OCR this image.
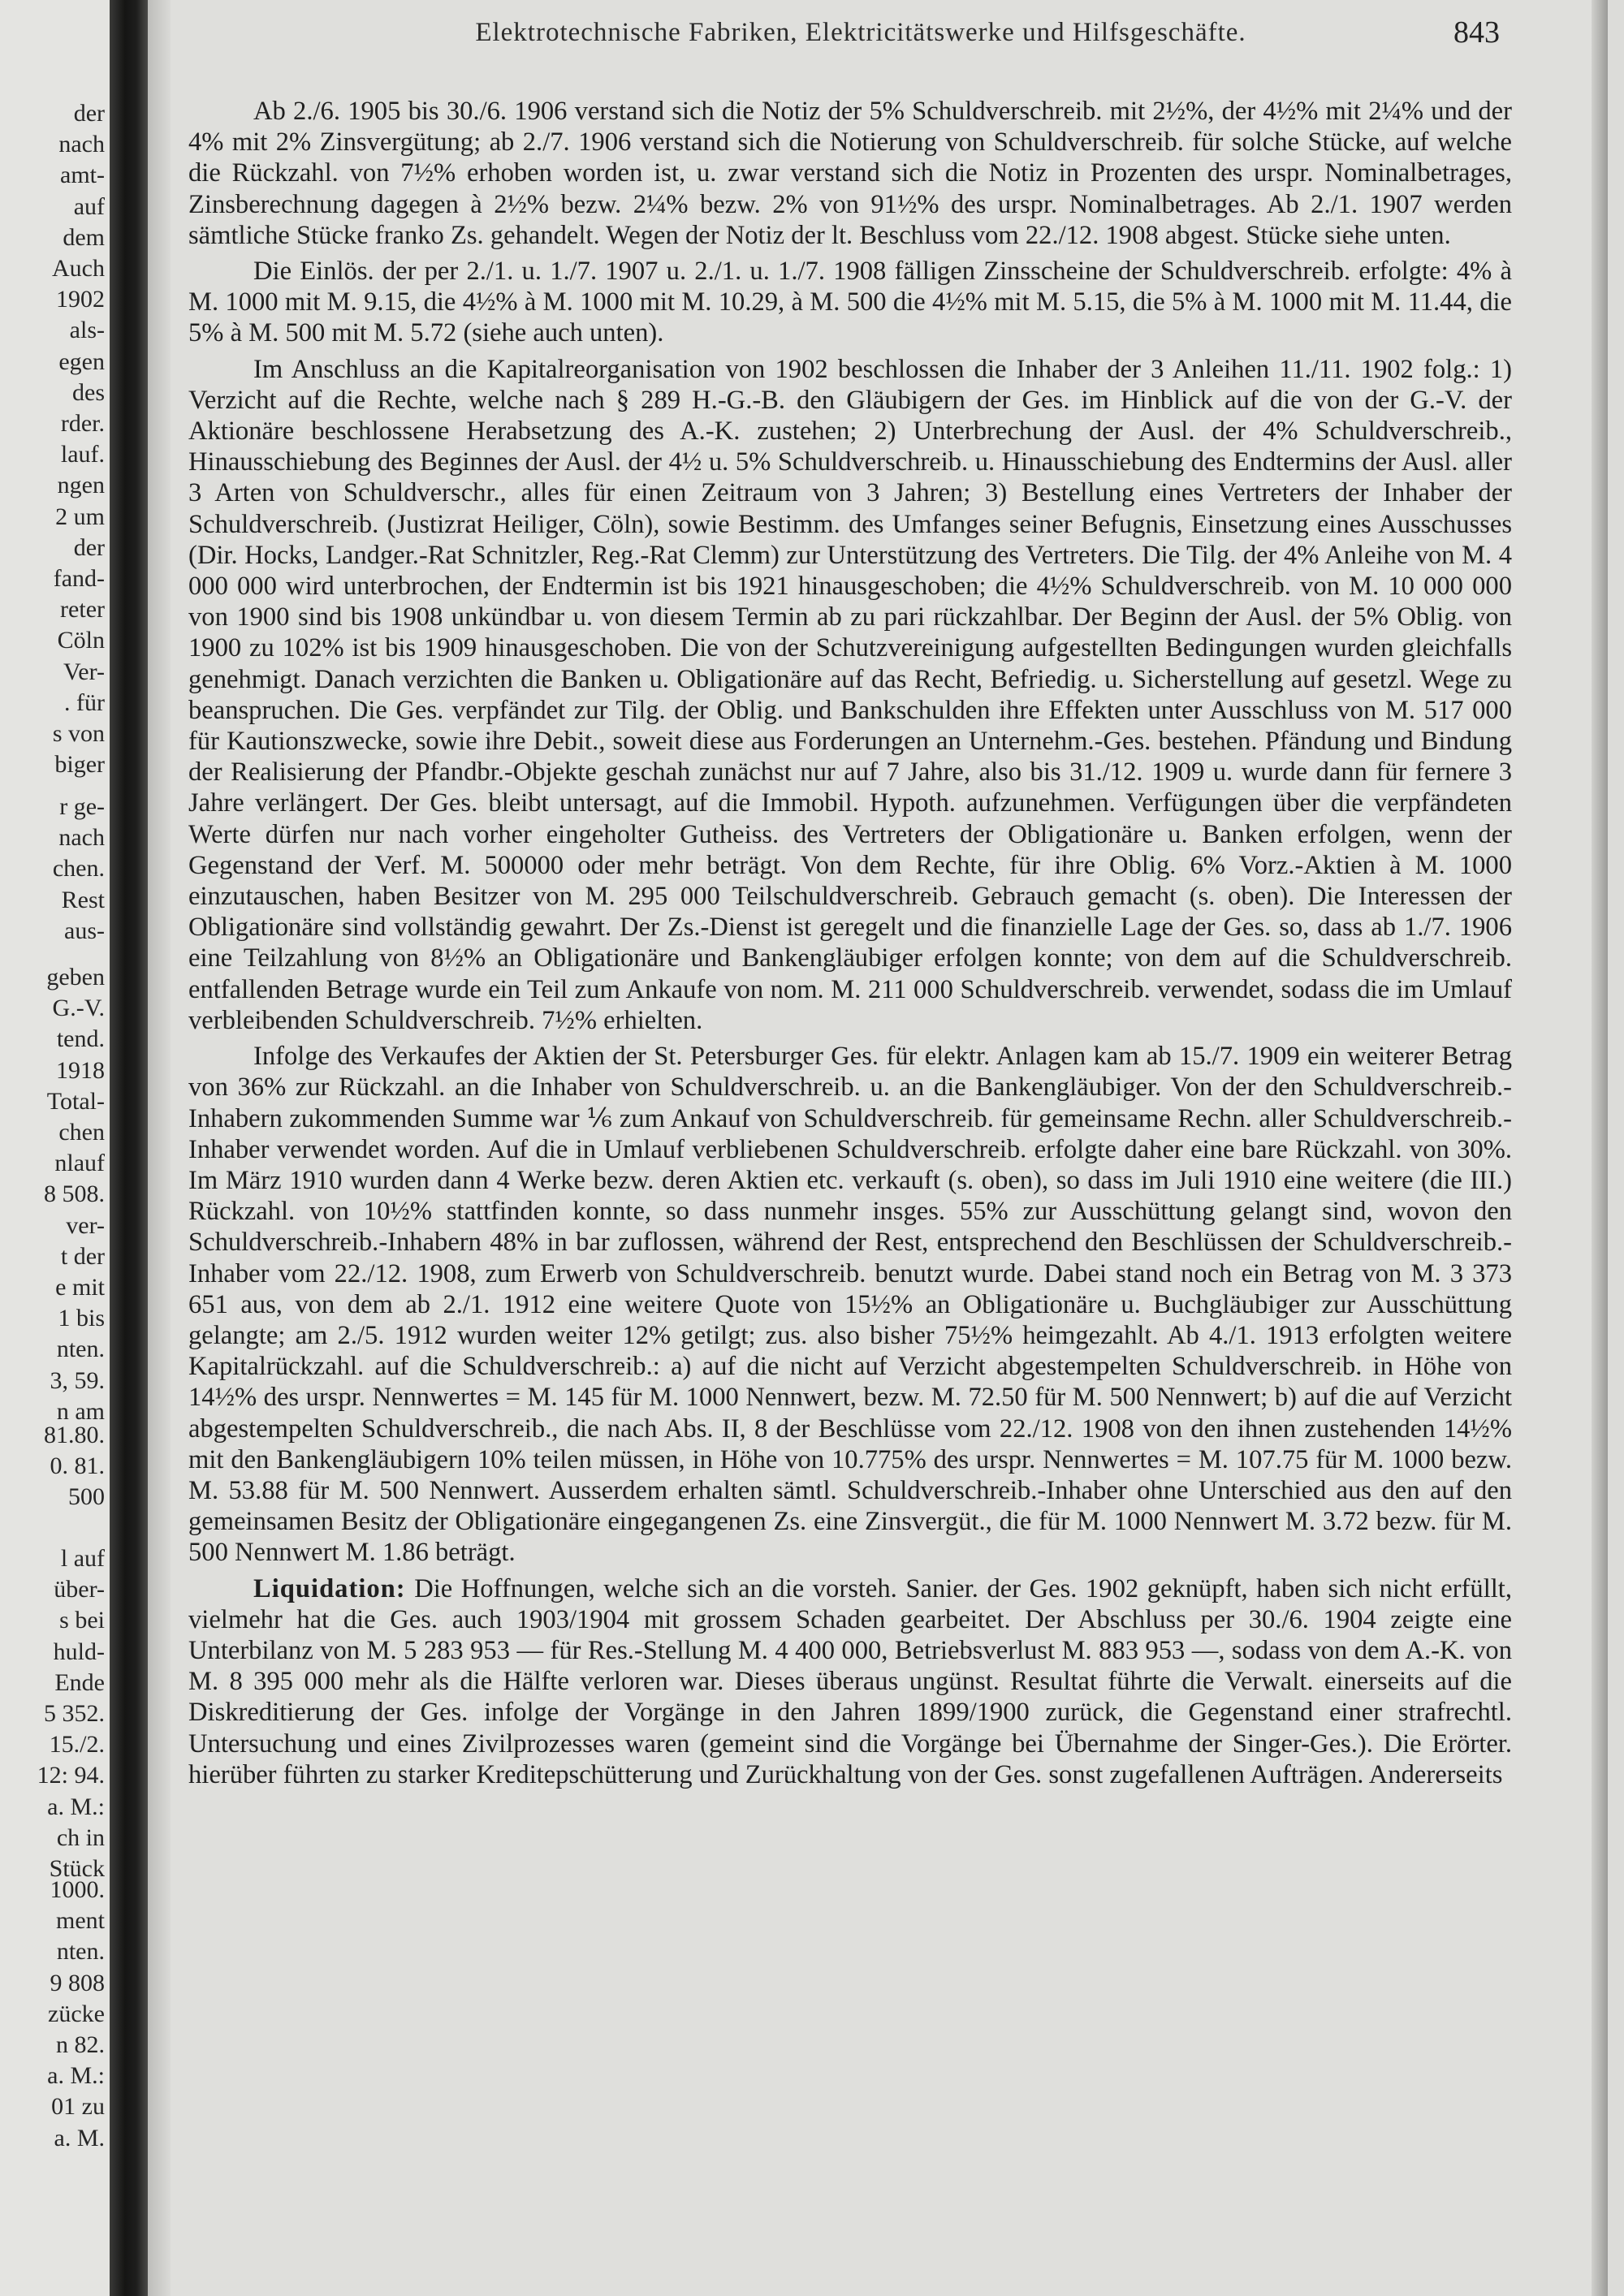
der
nach
amt-
auf
dem
Auch
1902
als-
egen
des
rder.
lauf.
ngen
2 um
der
fand-
reter
Cöln
Ver-
. für
s von
biger
r ge-
nach
chen.
Rest
aus-
geben
G.-V.
tend.
1918
Total-
chen
nlauf
8 508.
ver-
t der
e mit
1 bis
nten.
3, 59.
n am
81.80.
0. 81.
500
l auf
über-
s bei
huld-
Ende
5 352.
15./2.
12: 94.
a. M.:
ch in
Stück
1000.
ment
nten.
9 808
zücke
n 82.
a. M.:
01 zu
a. M.
Elektrotechnische Fabriken, Elektricitätswerke und Hilfsgeschäfte.	843

Ab 2./6. 1905 bis 30./6. 1906 verstand sich die Notiz der 5% Schuldverschreib. mit 2½%, der 4½% mit 2¼% und der 4% mit 2% Zinsvergütung; ab 2./7. 1906 verstand sich die Notierung von Schuldverschreib. für solche Stücke, auf welche die Rückzahl. von 7½% erhoben worden ist, u. zwar verstand sich die Notiz in Prozenten des urspr. Nominalbetrages, Zinsberechnung dagegen à 2½% bezw. 2¼% bezw. 2% von 91½% des urspr. Nominalbetrages. Ab 2./1. 1907 werden sämtliche Stücke franko Zs. gehandelt. Wegen der Notiz der lt. Beschluss vom 22./12. 1908 abgest. Stücke siehe unten.

Die Einlös. der per 2./1. u. 1./7. 1907 u. 2./1. u. 1./7. 1908 fälligen Zinsscheine der Schuldverschreib. erfolgte: 4% à M. 1000 mit M. 9.15, die 4½% à M. 1000 mit M. 10.29, à M. 500 die 4½% mit M. 5.15, die 5% à M. 1000 mit M. 11.44, die 5% à M. 500 mit M. 5.72 (siehe auch unten).

Im Anschluss an die Kapitalreorganisation von 1902 beschlossen die Inhaber der 3 Anleihen 11./11. 1902 folg.: 1) Verzicht auf die Rechte, welche nach § 289 H.-G.-B. den Gläubigern der Ges. im Hinblick auf die von der G.-V. der Aktionäre beschlossene Herabsetzung des A.-K. zustehen; 2) Unterbrechung der Ausl. der 4% Schuldverschreib., Hinausschiebung des Beginnes der Ausl. der 4½ u. 5% Schuldverschreib. u. Hinausschiebung des Endtermins der Ausl. aller 3 Arten von Schuldverschr., alles für einen Zeitraum von 3 Jahren; 3) Bestellung eines Vertreters der Inhaber der Schuldverschreib. (Justizrat Heiliger, Cöln), sowie Bestimm. des Umfanges seiner Befugnis, Einsetzung eines Ausschusses (Dir. Hocks, Landger.-Rat Schnitzler, Reg.-Rat Clemm) zur Unterstützung des Vertreters. Die Tilg. der 4% Anleihe von M. 4 000 000 wird unterbrochen, der Endtermin ist bis 1921 hinausgeschoben; die 4½% Schuldverschreib. von M. 10 000 000 von 1900 sind bis 1908 unkündbar u. von diesem Termin ab zu pari rückzahlbar. Der Beginn der Ausl. der 5% Oblig. von 1900 zu 102% ist bis 1909 hinausgeschoben. Die von der Schutzvereinigung aufgestellten Bedingungen wurden gleichfalls genehmigt. Danach verzichten die Banken u. Obligationäre auf das Recht, Befriedig. u. Sicherstellung auf gesetzl. Wege zu beanspruchen. Die Ges. verpfändet zur Tilg. der Oblig. und Bankschulden ihre Effekten unter Ausschluss von M. 517 000 für Kautionszwecke, sowie ihre Debit., soweit diese aus Forderungen an Unternehm.-Ges. bestehen. Pfändung und Bindung der Realisierung der Pfandbr.-Objekte geschah zunächst nur auf 7 Jahre, also bis 31./12. 1909 u. wurde dann für fernere 3 Jahre verlängert. Der Ges. bleibt untersagt, auf die Immobil. Hypoth. aufzunehmen. Verfügungen über die verpfändeten Werte dürfen nur nach vorher eingeholter Gutheiss. des Vertreters der Obligationäre u. Banken erfolgen, wenn der Gegenstand der Verf. M. 500000 oder mehr beträgt. Von dem Rechte, für ihre Oblig. 6% Vorz.-Aktien à M. 1000 einzutauschen, haben Besitzer von M. 295 000 Teilschuldverschreib. Gebrauch gemacht (s. oben). Die Interessen der Obligationäre sind vollständig gewahrt. Der Zs.-Dienst ist geregelt und die finanzielle Lage der Ges. so, dass ab 1./7. 1906 eine Teilzahlung von 8½% an Obligationäre und Bankengläubiger erfolgen konnte; von dem auf die Schuldverschreib. entfallenden Betrage wurde ein Teil zum Ankaufe von nom. M. 211 000 Schuldverschreib. verwendet, sodass die im Umlauf verbleibenden Schuldverschreib. 7½% erhielten.

Infolge des Verkaufes der Aktien der St. Petersburger Ges. für elektr. Anlagen kam ab 15./7. 1909 ein weiterer Betrag von 36% zur Rückzahl. an die Inhaber von Schuldverschreib. u. an die Bankengläubiger. Von der den Schuldverschreib.-Inhabern zukommenden Summe war ⅙ zum Ankauf von Schuldverschreib. für gemeinsame Rechn. aller Schuldverschreib.-Inhaber verwendet worden. Auf die in Umlauf verbliebenen Schuldverschreib. erfolgte daher eine bare Rückzahl. von 30%. Im März 1910 wurden dann 4 Werke bezw. deren Aktien etc. verkauft (s. oben), so dass im Juli 1910 eine weitere (die III.) Rückzahl. von 10½% stattfinden konnte, so dass nunmehr insges. 55% zur Ausschüttung gelangt sind, wovon den Schuldverschreib.-Inhabern 48% in bar zuflossen, während der Rest, entsprechend den Beschlüssen der Schuldverschreib.-Inhaber vom 22./12. 1908, zum Erwerb von Schuldverschreib. benutzt wurde. Dabei stand noch ein Betrag von M. 3 373 651 aus, von dem ab 2./1. 1912 eine weitere Quote von 15½% an Obligationäre u. Buchgläubiger zur Ausschüttung gelangte; am 2./5. 1912 wurden weiter 12% getilgt; zus. also bisher 75½% heimgezahlt. Ab 4./1. 1913 erfolgten weitere Kapitalrückzahl. auf die Schuldverschreib.: a) auf die nicht auf Verzicht abgestempelten Schuldverschreib. in Höhe von 14½% des urspr. Nennwertes = M. 145 für M. 1000 Nennwert, bezw. M. 72.50 für M. 500 Nennwert; b) auf die auf Verzicht abgestempelten Schuldverschreib., die nach Abs. II, 8 der Beschlüsse vom 22./12. 1908 von den ihnen zustehenden 14½% mit den Bankengläubigern 10% teilen müssen, in Höhe von 10.775% des urspr. Nennwertes = M. 107.75 für M. 1000 bezw. M. 53.88 für M. 500 Nennwert. Ausserdem erhalten sämtl. Schuldverschreib.-Inhaber ohne Unterschied aus den auf den gemeinsamen Besitz der Obligationäre eingegangenen Zs. eine Zinsvergüt., die für M. 1000 Nennwert M. 3.72 bezw. für M. 500 Nennwert M. 1.86 beträgt.

Liquidation: Die Hoffnungen, welche sich an die vorsteh. Sanier. der Ges. 1902 geknüpft, haben sich nicht erfüllt, vielmehr hat die Ges. auch 1903/1904 mit grossem Schaden gearbeitet. Der Abschluss per 30./6. 1904 zeigte eine Unterbilanz von M. 5 283 953 — für Res.-Stellung M. 4 400 000, Betriebsverlust M. 883 953 —, sodass von dem A.-K. von M. 8 395 000 mehr als die Hälfte verloren war. Dieses überaus ungünst. Resultat führte die Verwalt. einerseits auf die Diskreditierung der Ges. infolge der Vorgänge in den Jahren 1899/1900 zurück, die Gegenstand einer strafrechtl. Untersuchung und eines Zivilprozesses waren (gemeint sind die Vorgänge bei Übernahme der Singer-Ges.). Die Erörter. hierüber führten zu starker Kreditерschütterung und Zurückhaltung von der Ges. sonst zugefallenen Aufträgen. Andererseits
